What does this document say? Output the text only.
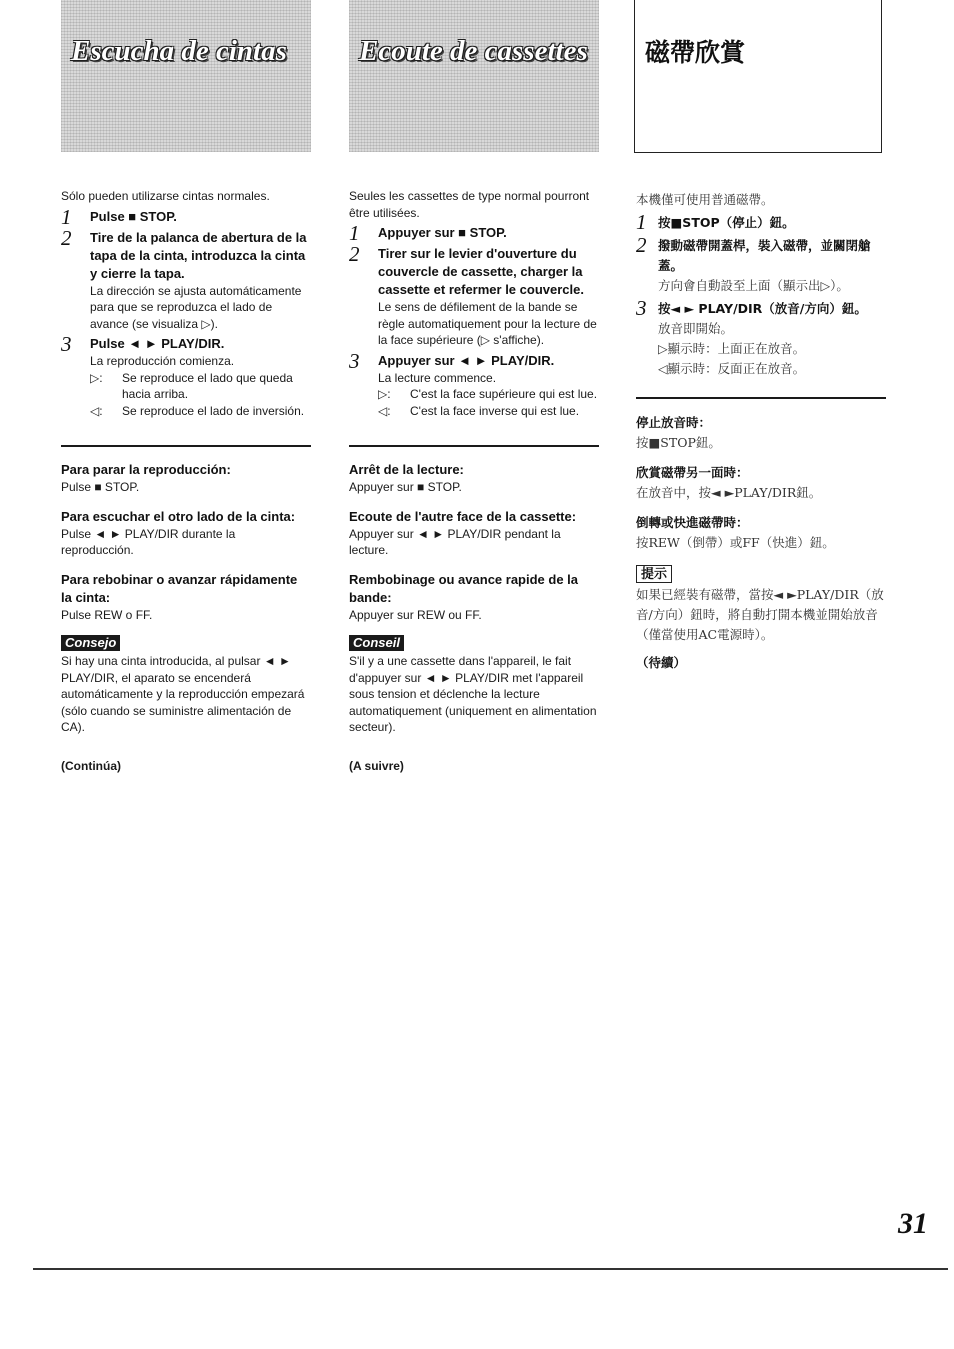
Escucha de cintas

Sólo pueden utilizarse cintas normales.

1 Pulse ■ STOP.

2 Tire de la palanca de abertura de la tapa de la cinta, introduzca la cinta y cierre la tapa.

La dirección se ajusta automáticamente para que se reproduzca el lado de avance (se visualiza ▷).

3 Pulse ◄ ► PLAY/DIR.

La reproducción comienza.

▷: Se reproduce el lado que queda hacia arriba.
◁: Se reproduce el lado de inversión.

Para parar la reproducción:

Pulse ■ STOP.

Para escuchar el otro lado de la cinta:

Pulse ◄ ► PLAY/DIR durante la reproducción.

Para rebobinar o avanzar rápidamente la cinta:

Pulse REW o FF.

Consejo

Si hay una cinta introducida, al pulsar ◄ ► PLAY/DIR, el aparato se encenderá automáticamente y la reproducción empezará (sólo cuando se suministre alimentación de CA).

(Continúa)

Ecoute de cassettes

Seules les cassettes de type normal pourront être utilisées.

1 Appuyer sur ■ STOP.

2 Tirer sur le levier d'ouverture du couvercle de cassette, charger la cassette et refermer le couvercle.

Le sens de défilement de la bande se règle automatiquement pour la lecture de la face supérieure (▷ s'affiche).

3 Appuyer sur ◄ ► PLAY/DIR.

La lecture commence.

▷: C'est la face supérieure qui est lue.
◁: C'est la face inverse qui est lue.

Arrêt de la lecture:

Appuyer sur ■ STOP.

Ecoute de l'autre face de la cassette:

Appuyer sur ◄ ► PLAY/DIR pendant la lecture.

Rembobinage ou avance rapide de la bande:

Appuyer sur REW ou FF.

Conseil

S'il y a une cassette dans l'appareil, le fait d'appuyer sur ◄ ► PLAY/DIR met l'appareil sous tension et déclenche la lecture automatiquement (uniquement en alimentation secteur).

(A suivre)

磁帶欣賞

本機僅可使用普通磁帶。

1 按■STOP（停止）鈕。

2 撥動磁帶開蓋桿，裝入磁帶，並關閉艙蓋。

方向會自動設至上面（顯示出▷）。

3 按◄ ► PLAY/DIR（放音/方向）鈕。

放音即開始。

▷顯示時：上面正在放音。

◁顯示時：反面正在放音。

停止放音時：

按■STOP鈕。

欣賞磁帶另一面時：

在放音中，按◄ ►PLAY/DIR鈕。

倒轉或快進磁帶時：

按REW（倒帶）或FF（快進）鈕。

提示

如果已經裝有磁帶，當按◄ ►PLAY/DIR（放音/方向）鈕時，將自動打開本機並開始放音（僅當使用AC電源時）。

（待續）

31
